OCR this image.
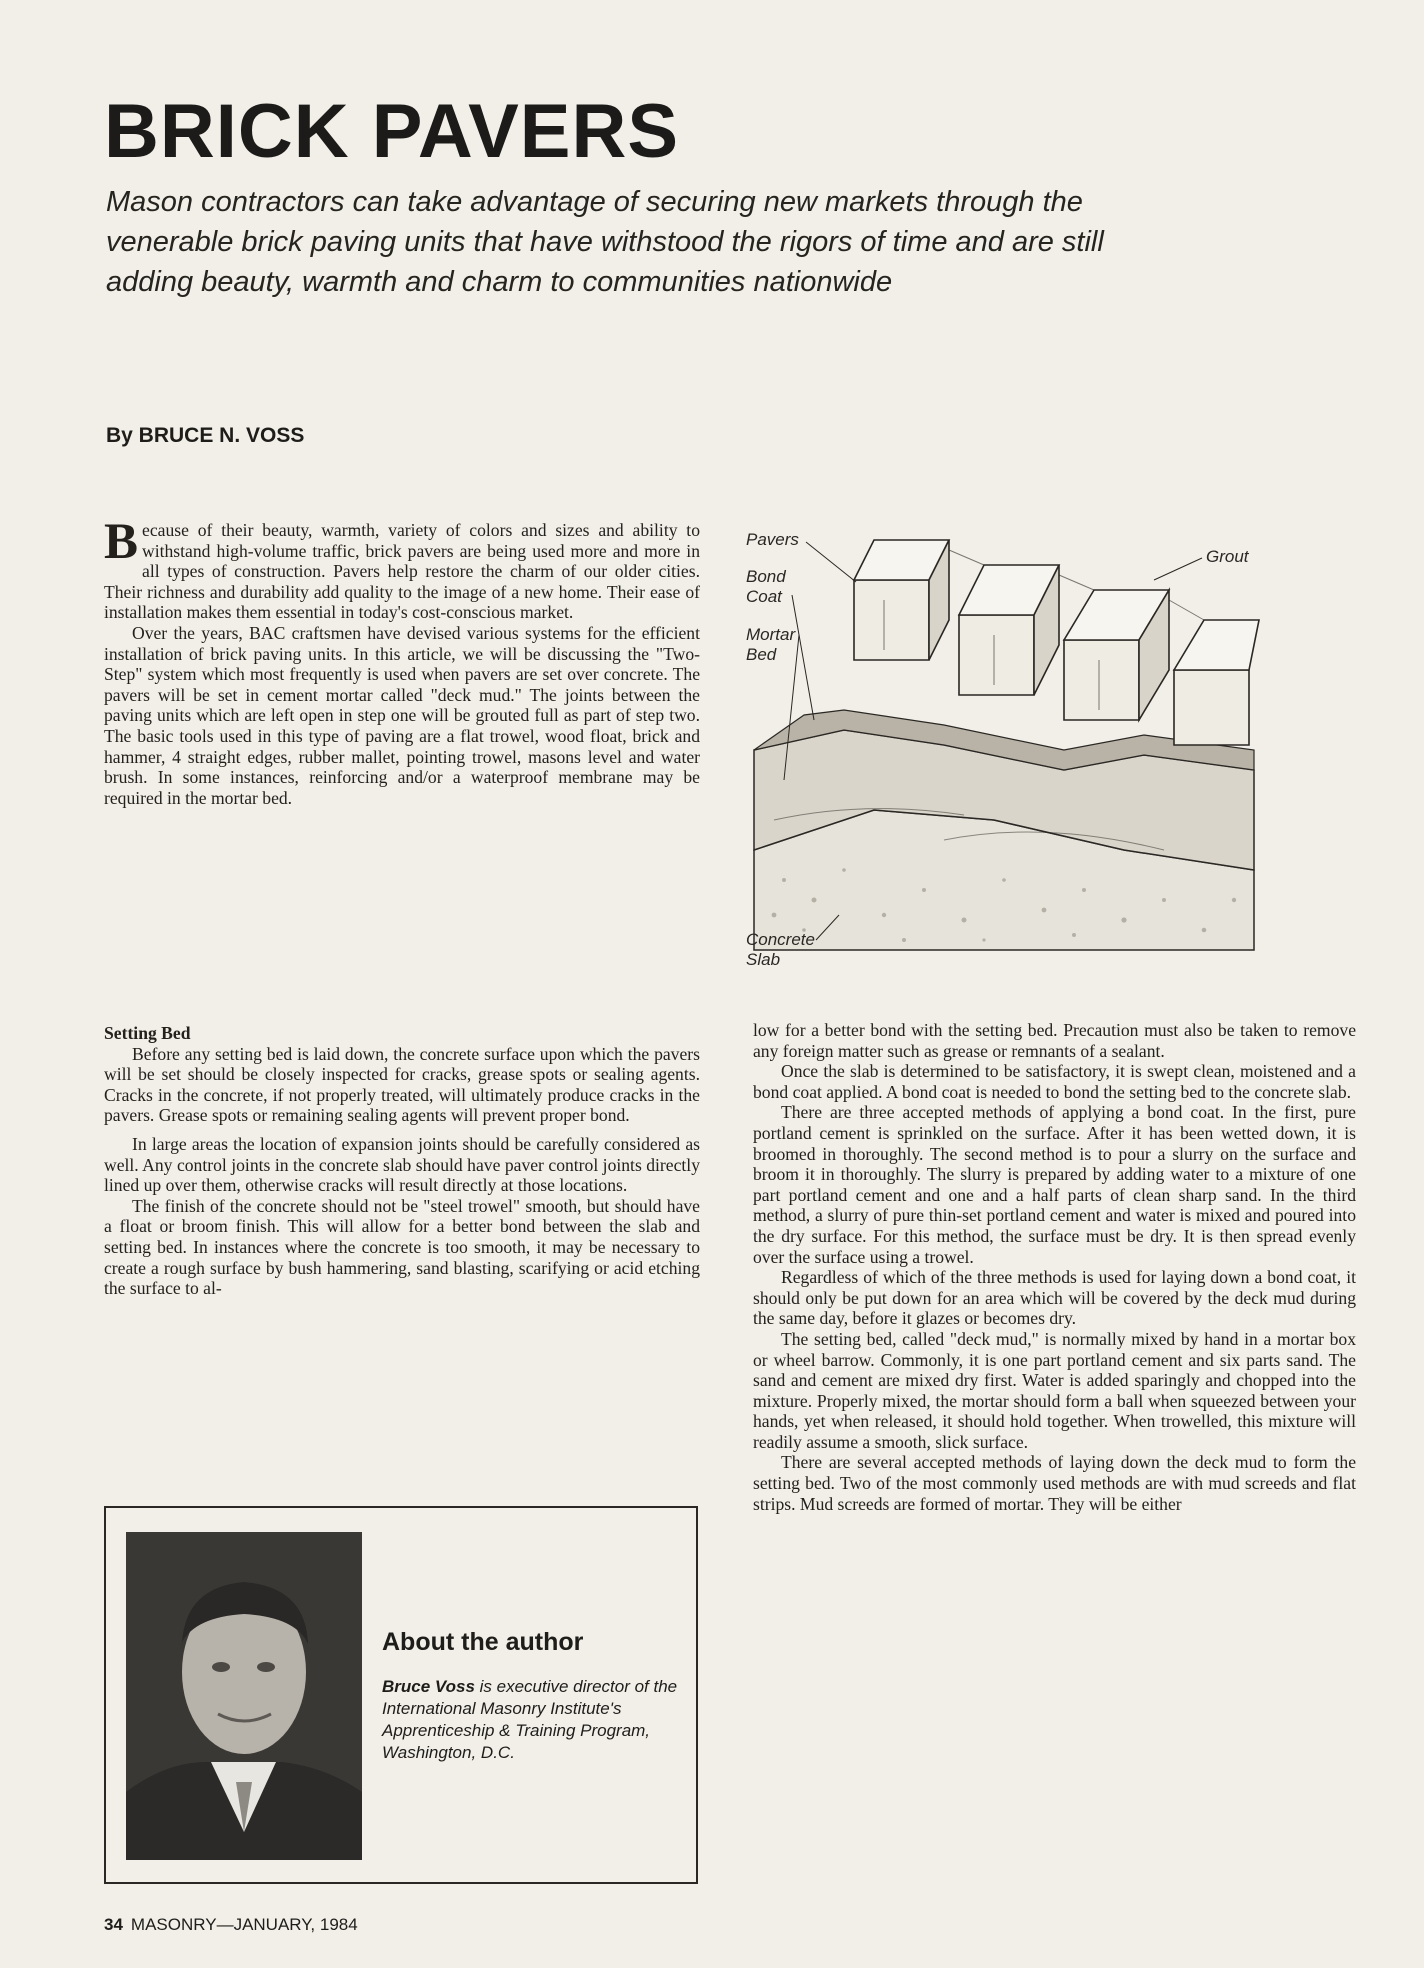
BRICK PAVERS

Mason contractors can take advantage of securing new markets through the venerable brick paving units that have withstood the rigors of time and are still adding beauty, warmth and charm to communities nationwide

By BRUCE N. VOSS

Because of their beauty, warmth, variety of colors and sizes and ability to withstand high-volume traffic, brick pavers are being used more and more in all types of construction. Pavers help restore the charm of our older cities. Their richness and durability add quality to the image of a new home. Their ease of installation makes them essential in today's cost-conscious market.

Over the years, BAC craftsmen have devised various systems for the efficient installation of brick paving units. In this article, we will be discussing the "Two-Step" system which most frequently is used when pavers are set over concrete. The pavers will be set in cement mortar called "deck mud." The joints between the paving units which are left open in step one will be grouted full as part of step two. The basic tools used in this type of paving are a flat trowel, wood float, brick and hammer, 4 straight edges, rubber mallet, pointing trowel, masons level and water brush. In some instances, reinforcing and/or a waterproof membrane may be required in the mortar bed.

Setting Bed

Before any setting bed is laid down, the concrete surface upon which the pavers will be set should be closely inspected for cracks, grease spots or sealing agents. Cracks in the concrete, if not properly treated, will ultimately produce cracks in the pavers. Grease spots or remaining sealing agents will prevent proper bond.

In large areas the location of expansion joints should be carefully considered as well. Any control joints in the concrete slab should have paver control joints directly lined up over them, otherwise cracks will result directly at those locations.

The finish of the concrete should not be "steel trowel" smooth, but should have a float or broom finish. This will allow for a better bond between the slab and setting bed. In instances where the concrete is too smooth, it may be necessary to create a rough surface by bush hammering, sand blasting, scarifying or acid etching the surface to al-

low for a better bond with the setting bed. Precaution must also be taken to remove any foreign matter such as grease or remnants of a sealant.

Once the slab is determined to be satisfactory, it is swept clean, moistened and a bond coat applied. A bond coat is needed to bond the setting bed to the concrete slab.

There are three accepted methods of applying a bond coat. In the first, pure portland cement is sprinkled on the surface. After it has been wetted down, it is broomed in thoroughly. The second method is to pour a slurry on the surface and broom it in thoroughly. The slurry is prepared by adding water to a mixture of one part portland cement and one and a half parts of clean sharp sand. In the third method, a slurry of pure thin-set portland cement and water is mixed and poured into the dry surface. For this method, the surface must be dry. It is then spread evenly over the surface using a trowel.

Regardless of which of the three methods is used for laying down a bond coat, it should only be put down for an area which will be covered by the deck mud during the same day, before it glazes or becomes dry.

The setting bed, called "deck mud," is normally mixed by hand in a mortar box or wheel barrow. Commonly, it is one part portland cement and six parts sand. The sand and cement are mixed dry first. Water is added sparingly and chopped into the mixture. Properly mixed, the mortar should form a ball when squeezed between your hands, yet when released, it should hold together. When trowelled, this mixture will readily assume a smooth, slick surface.

There are several accepted methods of laying down the deck mud to form the setting bed. Two of the most commonly used methods are with mud screeds and flat strips. Mud screeds are formed of mortar. They will be either

Pavers
Bond
Coat
Mortar
Bed
Grout
Concrete
Slab

About the author

Bruce Voss is executive director of the International Masonry Institute's Apprenticeship & Training Program, Washington, D.C.

34 MASONRY—JANUARY, 1984
